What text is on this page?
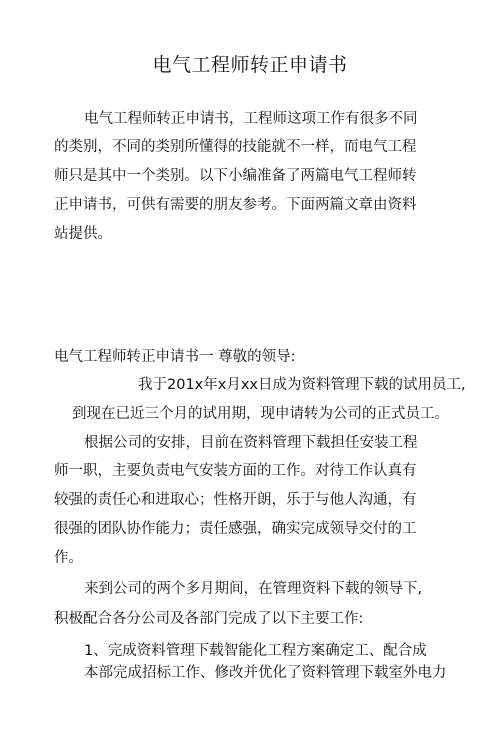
电气工程师转正申请书
电气工程师转正申请书，工程师这项工作有很多不同
的类别，不同的类别所懂得的技能就不一样，而电气工程
师只是其中一个类别。以下小编准备了两篇电气工程师转
正申请书，可供有需要的朋友参考。下面两篇文章由资料
站提供。
电气工程师转正申请书一 尊敬的领导:
我于201x年x月xx日成为资料管理下载的试用员工,
到现在已近三个月的试用期，现申请转为公司的正式员工。
根据公司的安排，目前在资料管理下载担任安装工程
师一职，主要负责电气安装方面的工作。对待工作认真有
较强的责任心和进取心；性格开朗，乐于与他人沟通，有
很强的团队协作能力；责任感强，确实完成领导交付的工
作。
来到公司的两个多月期间，在管理资料下载的领导下,
积极配合各分公司及各部门完成了以下主要工作:
1、完成资料管理下载智能化工程方案确定工、配合成
本部完成招标工作、修改并优化了资料管理下载室外电力
